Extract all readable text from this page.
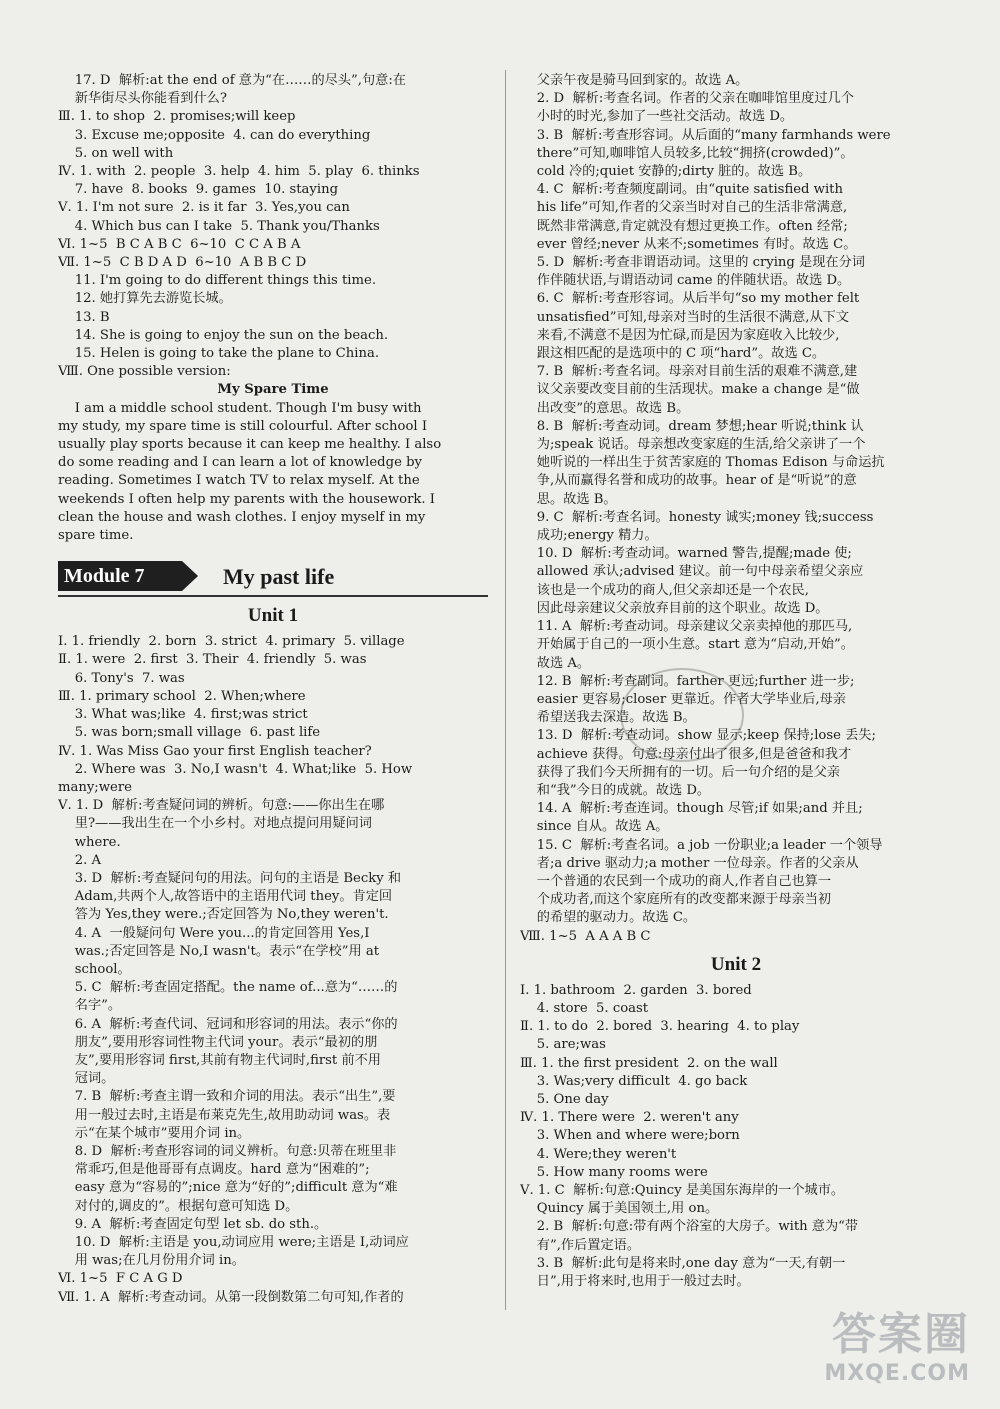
17. D  解析:at the end of 意为“在……的尽头”,句意:在
新华街尽头你能看到什么?
Ⅲ. 1. to shop  2. promises;will keep
3. Excuse me;opposite  4. can do everything
5. on well with
Ⅳ. 1. with  2. people  3. help  4. him  5. play  6. thinks
7. have  8. books  9. games  10. staying
Ⅴ. 1. I'm not sure  2. is it far  3. Yes,you can
4. Which bus can I take  5. Thank you/Thanks
Ⅵ. 1~5  B C A B C  6~10  C C A B A
Ⅶ. 1~5  C B D A D  6~10  A B B C D
11. I'm going to do different things this time.
12. 她打算先去游览长城。
13. B
14. She is going to enjoy the sun on the beach.
15. Helen is going to take the plane to China.
Ⅷ. One possible version:
My Spare Time
I am a middle school student. Though I'm busy with
my study, my spare time is still colourful. After school I
usually play sports because it can keep me healthy. I also
do some reading and I can learn a lot of knowledge by
reading. Sometimes I watch TV to relax myself. At the
weekends I often help my parents with the housework. I
clean the house and wash clothes. I enjoy myself in my
spare time.
Module 7	My past life
Unit 1
Ⅰ. 1. friendly  2. born  3. strict  4. primary  5. village
Ⅱ. 1. were  2. first  3. Their  4. friendly  5. was
6. Tony's  7. was
Ⅲ. 1. primary school  2. When;where
3. What was;like  4. first;was strict
5. was born;small village  6. past life
Ⅳ. 1. Was Miss Gao your first English teacher?
2. Where was  3. No,I wasn't  4. What;like  5. How
many;were
Ⅴ. 1. D  解析:考查疑问词的辨析。句意:——你出生在哪
里?——我出生在一个小乡村。对地点提问用疑问词
where.
2. A
3. D  解析:考查疑问句的用法。问句的主语是 Becky 和
Adam,共两个人,故答语中的主语用代词 they。肯定回
答为 Yes,they were.;否定回答为 No,they weren't.
4. A  一般疑问句 Were you...的肯定回答用 Yes,I
was.;否定回答是 No,I wasn't。表示“在学校”用 at
school。
5. C  解析:考查固定搭配。the name of...意为“……的
名字”。
6. A  解析:考查代词、冠词和形容词的用法。表示“你的
朋友”,要用形容词性物主代词 your。表示“最初的朋
友”,要用形容词 first,其前有物主代词时,first 前不用
冠词。
7. B  解析:考查主谓一致和介词的用法。表示“出生”,要
用一般过去时,主语是布莱克先生,故用助动词 was。表
示“在某个城市”要用介词 in。
8. D  解析:考查形容词的词义辨析。句意:贝蒂在班里非
常乖巧,但是他哥哥有点调皮。hard 意为“困难的”;
easy 意为“容易的”;nice 意为“好的”;difficult 意为“难
对付的,调皮的”。根据句意可知选 D。
9. A  解析:考查固定句型 let sb. do sth.。
10. D  解析:主语是 you,动词应用 were;主语是 I,动词应
用 was;在几月份用介词 in。
Ⅵ. 1~5  F C A G D
Ⅶ. 1. A  解析:考查动词。从第一段倒数第二句可知,作者的
父亲午夜是骑马回到家的。故选 A。
2. D  解析:考查名词。作者的父亲在咖啡馆里度过几个
小时的时光,参加了一些社交活动。故选 D。
3. B  解析:考查形容词。从后面的“many farmhands were
there”可知,咖啡馆人员较多,比较“拥挤(crowded)”。
cold 冷的;quiet 安静的;dirty 脏的。故选 B。
4. C  解析:考查频度副词。由“quite satisfied with
his life”可知,作者的父亲当时对自己的生活非常满意,
既然非常满意,肯定就没有想过更换工作。often 经常;
ever 曾经;never 从来不;sometimes 有时。故选 C。
5. D  解析:考查非谓语动词。这里的 crying 是现在分词
作伴随状语,与谓语动词 came 的伴随状语。故选 D。
6. C  解析:考查形容词。从后半句“so my mother felt
unsatisfied”可知,母亲对当时的生活很不满意,从下文
来看,不满意不是因为忙碌,而是因为家庭收入比较少,
跟这相匹配的是选项中的 C 项“hard”。故选 C。
7. B  解析:考查名词。母亲对目前生活的艰难不满意,建
议父亲要改变目前的生活现状。make a change 是“做
出改变”的意思。故选 B。
8. B  解析:考查动词。dream 梦想;hear 听说;think 认
为;speak 说话。母亲想改变家庭的生活,给父亲讲了一个
她听说的一样出生于贫苦家庭的 Thomas Edison 与命运抗
争,从而赢得名誉和成功的故事。hear of 是“听说”的意
思。故选 B。
9. C  解析:考查名词。honesty 诚实;money 钱;success
成功;energy 精力。
10. D  解析:考查动词。warned 警告,提醒;made 使;
allowed 承认;advised 建议。前一句中母亲希望父亲应
该也是一个成功的商人,但父亲却还是一个农民,
因此母亲建议父亲放弃目前的这个职业。故选 D。
11. A  解析:考查动词。母亲建议父亲卖掉他的那匹马,
开始属于自己的一项小生意。start 意为“启动,开始”。
故选 A。
12. B  解析:考查副词。farther 更远;further 进一步;
easier 更容易;closer 更靠近。作者大学毕业后,母亲
希望送我去深造。故选 B。
13. D  解析:考查动词。show 显示;keep 保持;lose 丢失;
achieve 获得。句意:母亲付出了很多,但是爸爸和我才
获得了我们今天所拥有的一切。后一句介绍的是父亲
和“我”今日的成就。故选 D。
14. A  解析:考查连词。though 尽管;if 如果;and 并且;
since 自从。故选 A。
15. C  解析:考查名词。a job 一份职业;a leader 一个领导
者;a drive 驱动力;a mother 一位母亲。作者的父亲从
一个普通的农民到一个成功的商人,作者自己也算一
个成功者,而这个家庭所有的改变都来源于母亲当初
的希望的驱动力。故选 C。
Ⅷ. 1~5  A A A B C
Unit 2
Ⅰ. 1. bathroom  2. garden  3. bored
4. store  5. coast
Ⅱ. 1. to do  2. bored  3. hearing  4. to play
5. are;was
Ⅲ. 1. the first president  2. on the wall
3. Was;very difficult  4. go back
5. One day
Ⅳ. 1. There were  2. weren't any
3. When and where were;born
4. Were;they weren't
5. How many rooms were
Ⅴ. 1. C  解析:句意:Quincy 是美国东海岸的一个城市。
Quincy 属于美国领土,用 on。
2. B  解析:句意:带有两个浴室的大房子。with 意为“带
有”,作后置定语。
3. B  解析:此句是将来时,one day 意为“一天,有朝一
日”,用于将来时,也用于一般过去时。
答案圈
MXQE.COM
